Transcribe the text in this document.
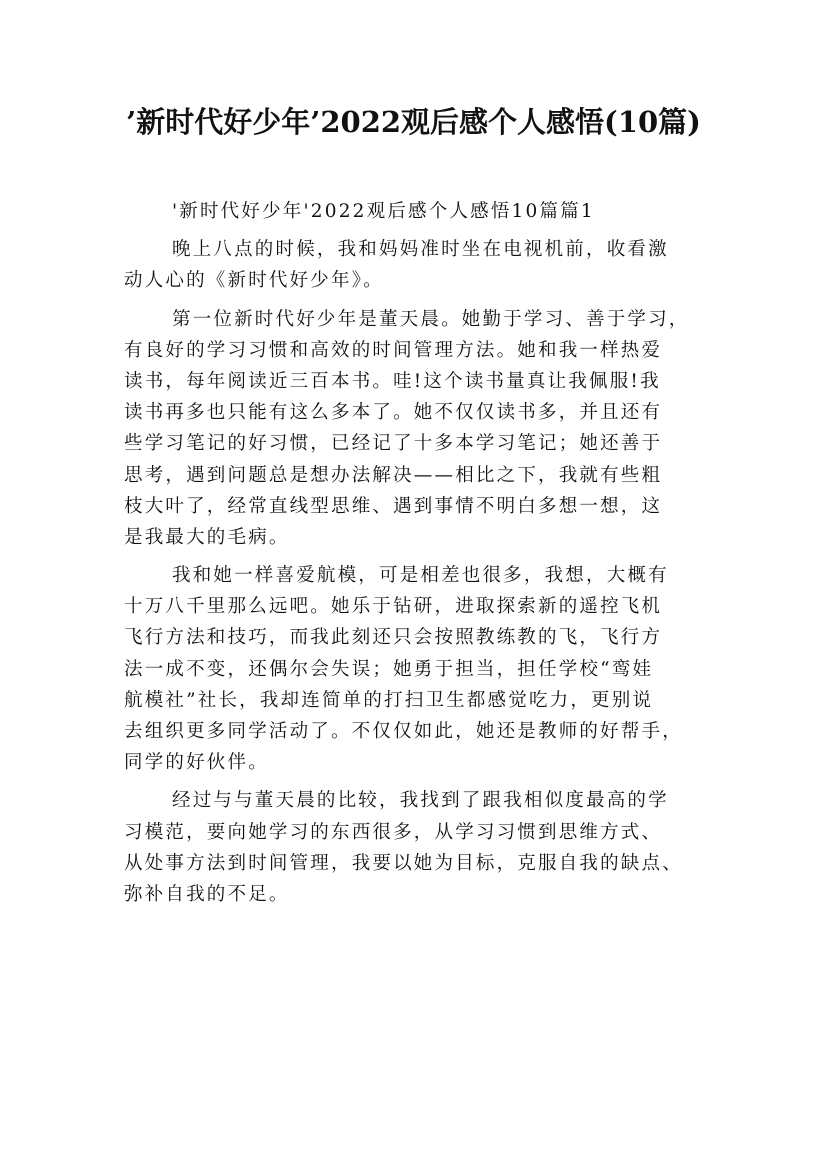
’新时代好少年’2022观后感个人感悟(10篇)
'新时代好少年'2022观后感个人感悟10篇篇1
晚上八点的时候，我和妈妈准时坐在电视机前，收看激
动人心的《新时代好少年》。
第一位新时代好少年是董天晨。她勤于学习、善于学习，
有良好的学习习惯和高效的时间管理方法。她和我一样热爱
读书，每年阅读近三百本书。哇!这个读书量真让我佩服!我
读书再多也只能有这么多本了。她不仅仅读书多，并且还有
些学习笔记的好习惯，已经记了十多本学习笔记；她还善于
思考，遇到问题总是想办法解决——相比之下，我就有些粗
枝大叶了，经常直线型思维、遇到事情不明白多想一想，这
是我最大的毛病。
我和她一样喜爱航模，可是相差也很多，我想，大概有
十万八千里那么远吧。她乐于钻研，进取探索新的遥控飞机
飞行方法和技巧，而我此刻还只会按照教练教的飞，飞行方
法一成不变，还偶尔会失误；她勇于担当，担任学校“鸾娃
航模社”社长，我却连简单的打扫卫生都感觉吃力，更别说
去组织更多同学活动了。不仅仅如此，她还是教师的好帮手，
同学的好伙伴。
经过与与董天晨的比较，我找到了跟我相似度最高的学
习模范，要向她学习的东西很多，从学习习惯到思维方式、
从处事方法到时间管理，我要以她为目标，克服自我的缺点、
弥补自我的不足。
